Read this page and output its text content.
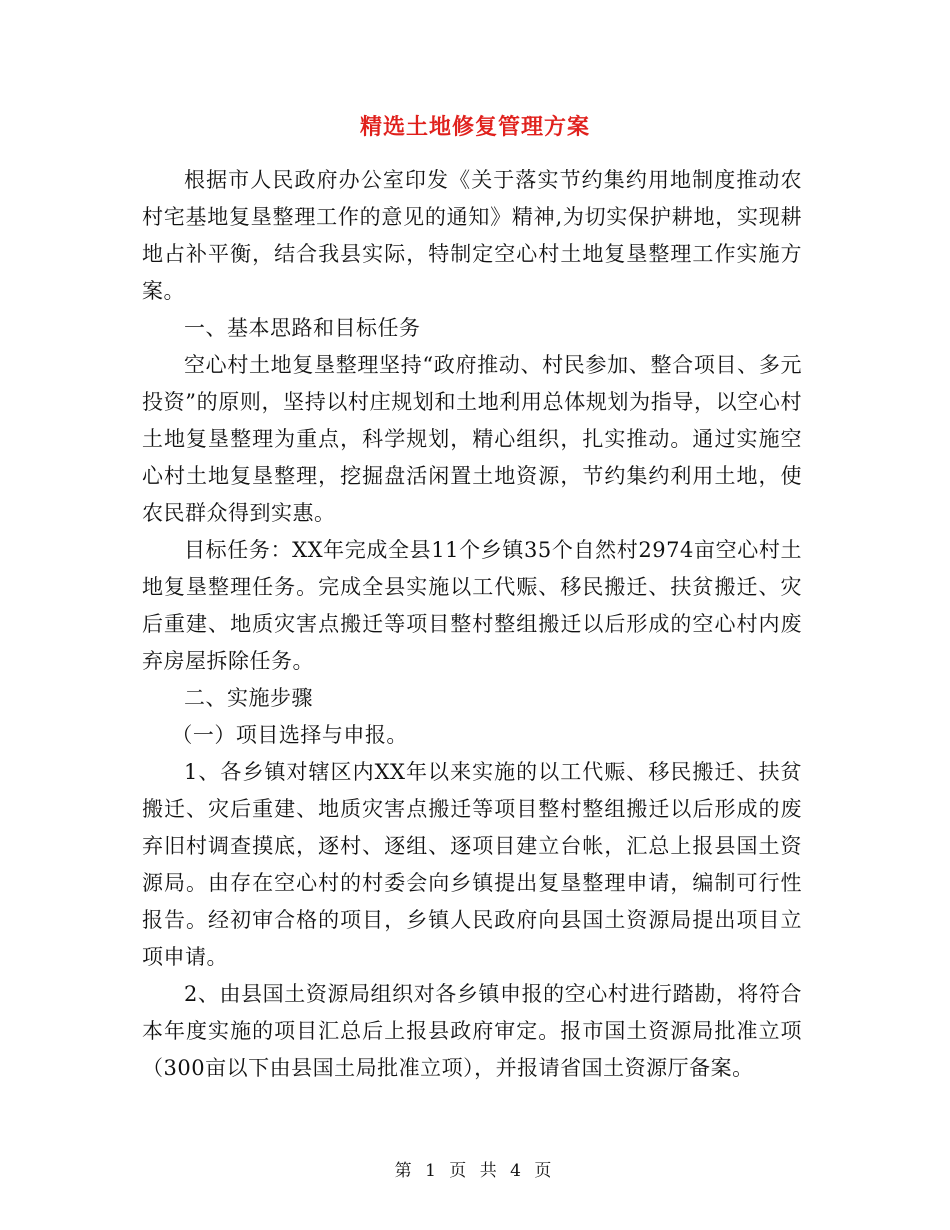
精选土地修复管理方案

根据市人民政府办公室印发《关于落实节约集约用地制度推动农村宅基地复垦整理工作的意见的通知》精神,为切实保护耕地，实现耕地占补平衡，结合我县实际，特制定空心村土地复垦整理工作实施方案。

一、基本思路和目标任务

空心村土地复垦整理坚持“政府推动、村民参加、整合项目、多元投资”的原则，坚持以村庄规划和土地利用总体规划为指导，以空心村土地复垦整理为重点，科学规划，精心组织，扎实推动。通过实施空心村土地复垦整理，挖掘盘活闲置土地资源，节约集约利用土地，使农民群众得到实惠。

目标任务：XX年完成全县11个乡镇35个自然村2974亩空心村土地复垦整理任务。完成全县实施以工代赈、移民搬迁、扶贫搬迁、灾后重建、地质灾害点搬迁等项目整村整组搬迁以后形成的空心村内废弃房屋拆除任务。

二、实施步骤

（一）项目选择与申报。

1、各乡镇对辖区内XX年以来实施的以工代赈、移民搬迁、扶贫搬迁、灾后重建、地质灾害点搬迁等项目整村整组搬迁以后形成的废弃旧村调查摸底，逐村、逐组、逐项目建立台帐，汇总上报县国土资源局。由存在空心村的村委会向乡镇提出复垦整理申请，编制可行性报告。经初审合格的项目，乡镇人民政府向县国土资源局提出项目立项申请。

2、由县国土资源局组织对各乡镇申报的空心村进行踏勘，将符合本年度实施的项目汇总后上报县政府审定。报市国土资源局批准立项（300亩以下由县国土局批准立项），并报请省国土资源厅备案。

第 1 页 共 4 页
